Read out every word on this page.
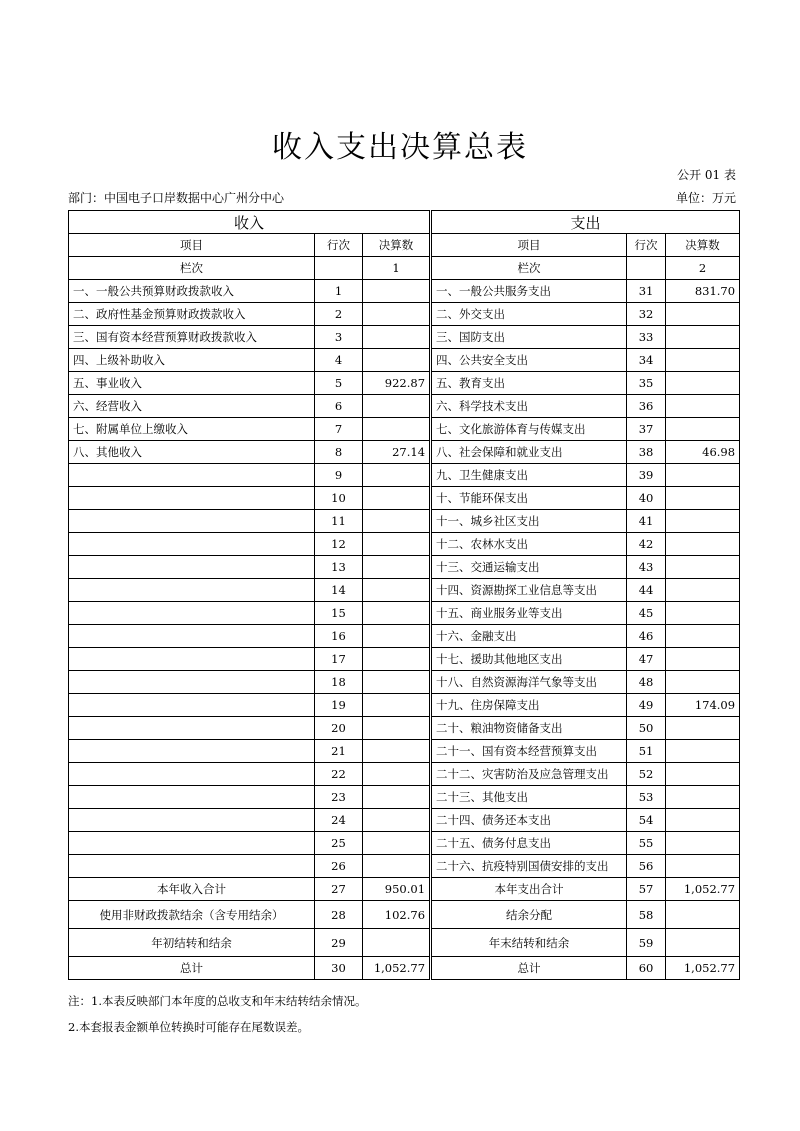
收入支出决算总表
公开 01 表
部门：中国电子口岸数据中心广州分中心	单位：万元
收入			支出		
项目	行次	决算数	项目	行次	决算数
栏次		1	栏次		2
一、一般公共预算财政拨款收入	1		一、一般公共服务支出	31	831.70
二、政府性基金预算财政拨款收入	2		二、外交支出	32	
三、国有资本经营预算财政拨款收入	3		三、国防支出	33	
四、上级补助收入	4		四、公共安全支出	34	
五、事业收入	5	922.87	五、教育支出	35	
六、经营收入	6		六、科学技术支出	36	
七、附属单位上缴收入	7		七、文化旅游体育与传媒支出	37	
八、其他收入	8	27.14	八、社会保障和就业支出	38	46.98
	9		九、卫生健康支出	39	
	10		十、节能环保支出	40	
	11		十一、城乡社区支出	41	
	12		十二、农林水支出	42	
	13		十三、交通运输支出	43	
	14		十四、资源勘探工业信息等支出	44	
	15		十五、商业服务业等支出	45	
	16		十六、金融支出	46	
	17		十七、援助其他地区支出	47	
	18		十八、自然资源海洋气象等支出	48	
	19		十九、住房保障支出	49	174.09
	20		二十、粮油物资储备支出	50	
	21		二十一、国有资本经营预算支出	51	
	22		二十二、灾害防治及应急管理支出	52	
	23		二十三、其他支出	53	
	24		二十四、债务还本支出	54	
	25		二十五、债务付息支出	55	
	26		二十六、抗疫特别国债安排的支出	56	
本年收入合计	27	950.01	本年支出合计	57	1,052.77
使用非财政拨款结余（含专用结余）	28	102.76	结余分配	58	
年初结转和结余	29		年末结转和结余	59	
总计	30	1,052.77	总计	60	1,052.77
注：1.本表反映部门本年度的总收支和年末结转结余情况。
2.本套报表金额单位转换时可能存在尾数误差。
